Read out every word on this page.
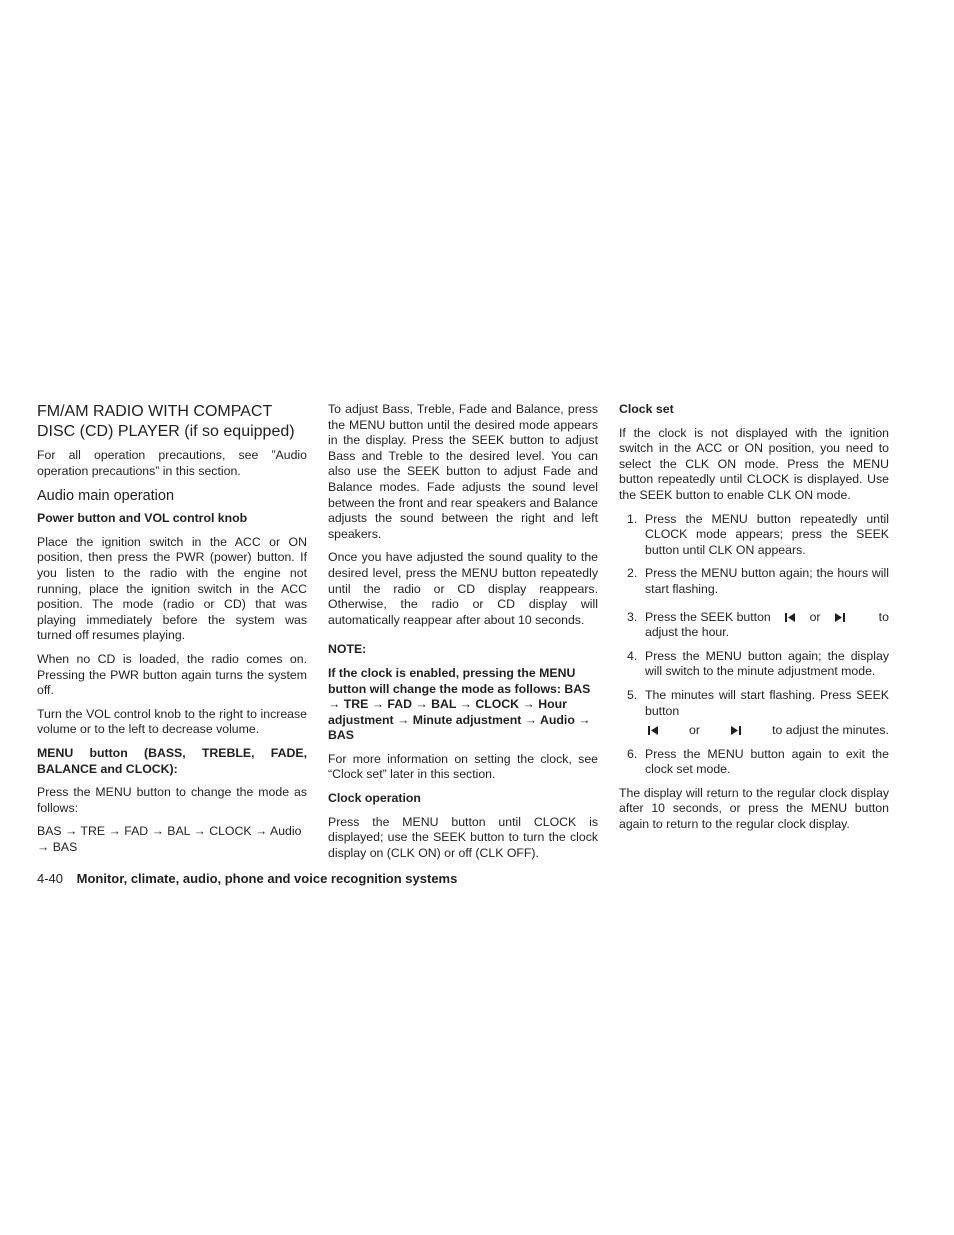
FM/AM RADIO WITH COMPACT DISC (CD) PLAYER (if so equipped)

For all operation precautions, see ”Audio operation precautions” in this section.

Audio main operation

Power button and VOL control knob

Place the ignition switch in the ACC or ON position, then press the PWR (power) button. If you listen to the radio with the engine not running, place the ignition switch in the ACC position. The mode (radio or CD) that was playing immediately before the system was turned off resumes playing.

When no CD is loaded, the radio comes on. Pressing the PWR button again turns the system off.

Turn the VOL control knob to the right to increase volume or to the left to decrease volume.

MENU button (BASS, TREBLE, FADE, BALANCE and CLOCK):

Press the MENU button to change the mode as follows:

BAS → TRE → FAD → BAL → CLOCK → Audio → BAS

To adjust Bass, Treble, Fade and Balance, press the MENU button until the desired mode appears in the display. Press the SEEK button to adjust Bass and Treble to the desired level. You can also use the SEEK button to adjust Fade and Balance modes. Fade adjusts the sound level between the front and rear speakers and Balance adjusts the sound between the right and left speakers.

Once you have adjusted the sound quality to the desired level, press the MENU button repeatedly until the radio or CD display reappears. Otherwise, the radio or CD display will automatically reappear after about 10 seconds.

NOTE:

If the clock is enabled, pressing the MENU button will change the mode as follows: BAS → TRE → FAD → BAL → CLOCK → Hour adjustment → Minute adjustment → Audio → BAS

For more information on setting the clock, see “Clock set” later in this section.

Clock operation

Press the MENU button until CLOCK is displayed; use the SEEK button to turn the clock display on (CLK ON) or off (CLK OFF).

Clock set

If the clock is not displayed with the ignition switch in the ACC or ON position, you need to select the CLK ON mode. Press the MENU button repeatedly until CLOCK is displayed. Use the SEEK button to enable CLK ON mode.

1. Press the MENU button repeatedly until CLOCK mode appears; press the SEEK button until CLK ON appears.
2. Press the MENU button again; the hours will start flashing.
3. Press the SEEK button	or	to
adjust the hour.
4. Press the MENU button again; the display will switch to the minute adjustment mode.
5. The minutes will start flashing. Press SEEK button
or	to adjust the minutes.
6. Press the MENU button again to exit the clock set mode.

The display will return to the regular clock display after 10 seconds, or press the MENU button again to return to the regular clock display.

4-40 Monitor, climate, audio, phone and voice recognition systems
